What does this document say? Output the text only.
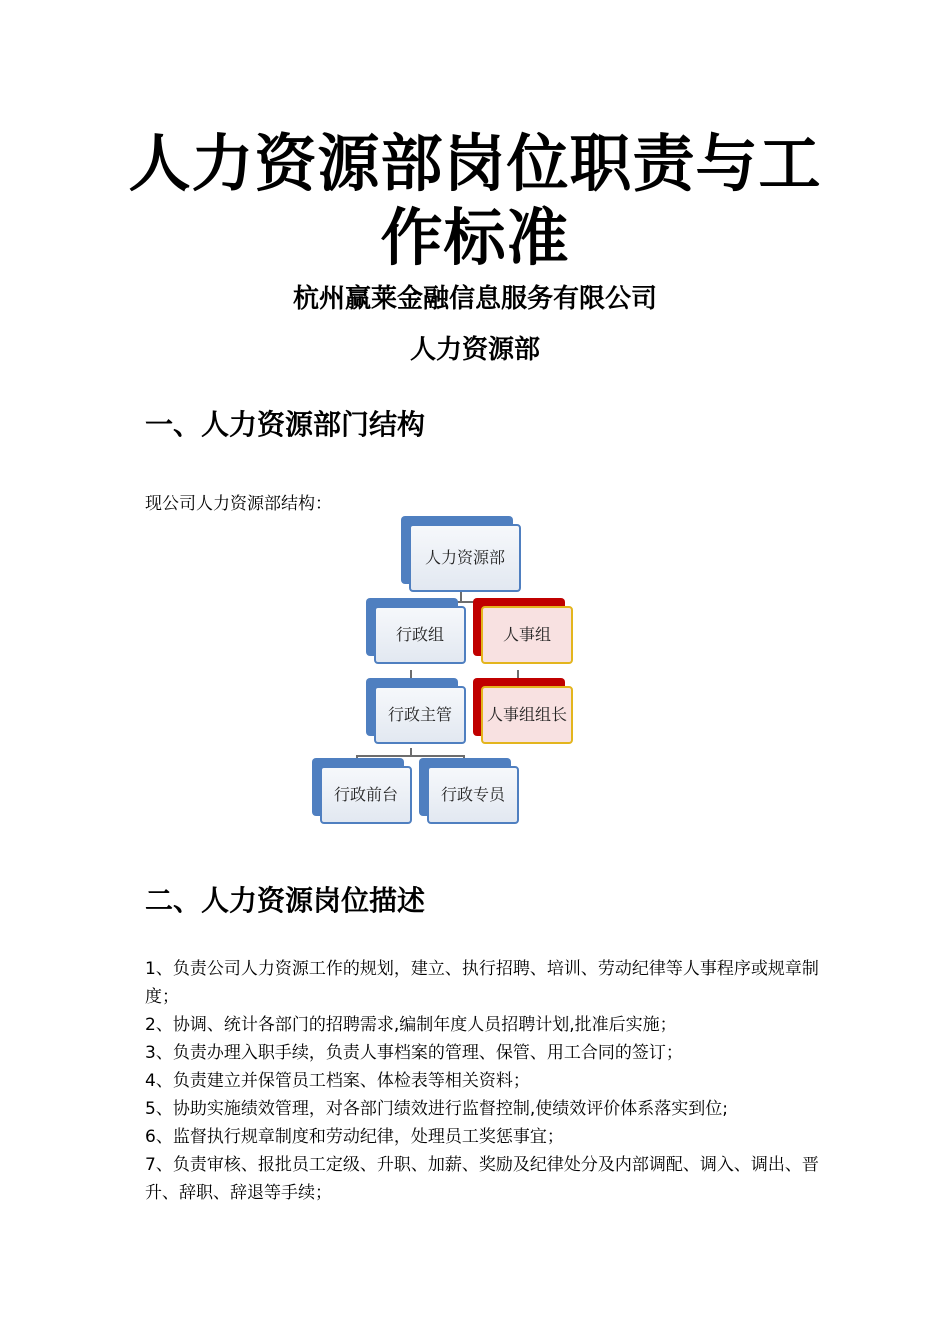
人力资源部岗位职责与工
作标准
杭州赢莱金融信息服务有限公司
人力资源部
一、人力资源部门结构
现公司人力资源部结构：
人力资源部
行政组	人事组
行政主管	人事组组长
行政前台	行政专员
二、人力资源岗位描述
1、负责公司人力资源工作的规划，建立、执行招聘、培训、劳动纪律等人事程序或规章制度；
2、协调、统计各部门的招聘需求,编制年度人员招聘计划,批准后实施；
3、负责办理入职手续，负责人事档案的管理、保管、用工合同的签订；
4、负责建立并保管员工档案、体检表等相关资料；
5、协助实施绩效管理，对各部门绩效进行监督控制,使绩效评价体系落实到位;
6、监督执行规章制度和劳动纪律，处理员工奖惩事宜；
7、负责审核、报批员工定级、升职、加薪、奖励及纪律处分及内部调配、调入、调出、晋升、辞职、辞退等手续；
